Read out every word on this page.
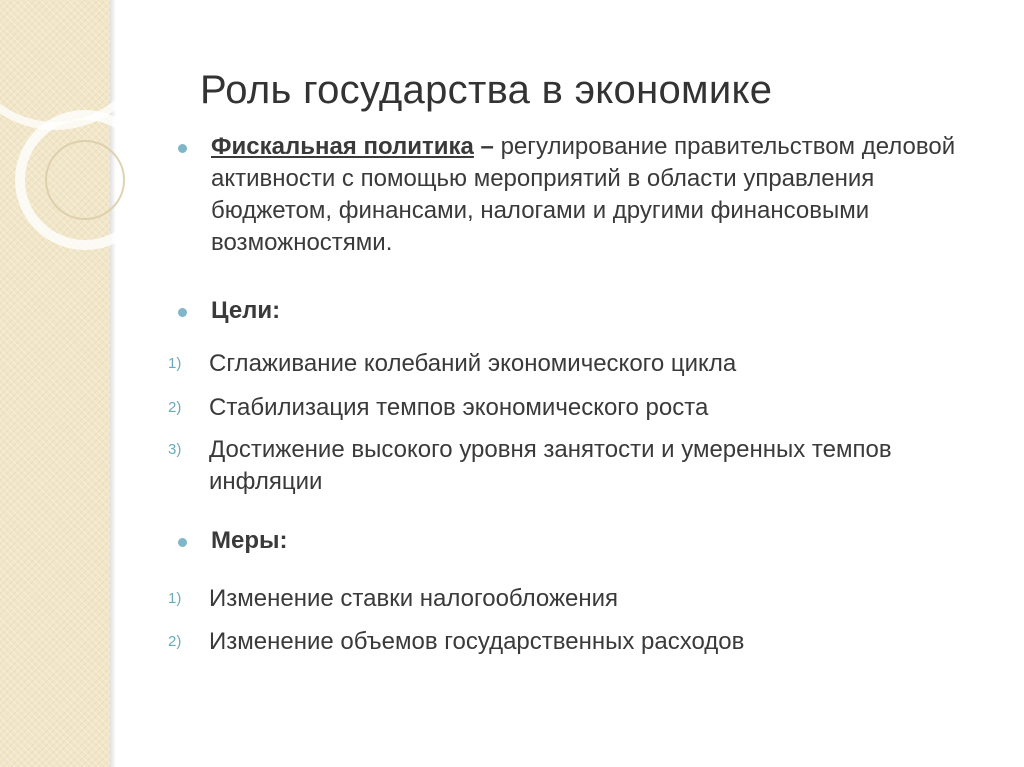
Роль государства в экономике
Фискальная политика – регулирование правительством деловой активности с помощью мероприятий в области управления бюджетом, финансами, налогами и другими финансовыми возможностями.
Цели:
1) Сглаживание колебаний экономического цикла
2) Стабилизация темпов экономического роста
3) Достижение высокого уровня занятости и умеренных темпов инфляции
Меры:
1) Изменение ставки налогообложения
2) Изменение объемов государственных расходов
